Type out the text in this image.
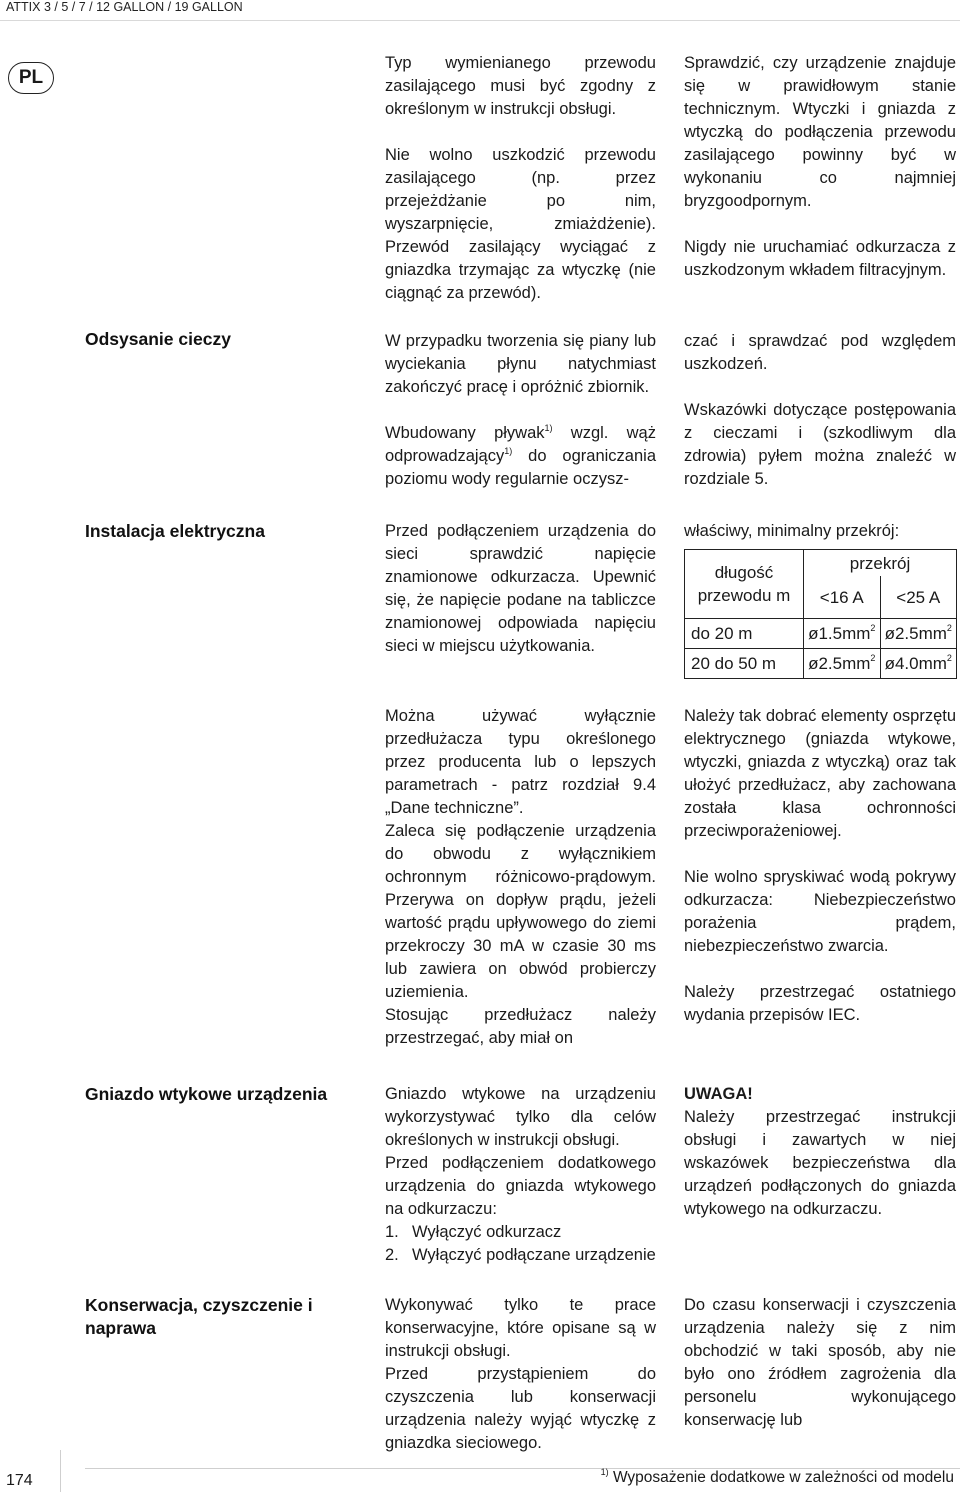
ATTIX 3 / 5 / 7 / 12 GALLON / 19 GALLON
PL
Odsysanie cieczy
Instalacja elektryczna
Gniazdo wtykowe urządzenia
Konserwacja, czyszczenie i naprawa

Typ wymienianego przewodu zasilającego musi być zgodny z określonym w instrukcji obsługi.

Nie wolno uszkodzić przewodu zasilającego (np. przez przejeżdżanie po nim, wyszarpnięcie, zmiażdżenie). Przewód zasilający wyciągać z gniazdka trzymając za wtyczkę (nie ciągnąć za przewód).

W przypadku tworzenia się piany lub wyciekania płynu natychmiast zakończyć pracę i opróżnić zbiornik.

Wbudowany pływak$^{1)}$ wzgl. wąż odprowadzający$^{1)}$ do ograniczania poziomu wody regularnie oczysz-

Przed podłączeniem urządzenia do sieci sprawdzić napięcie znamionowe odkurzacza. Upewnić się, że napięcie podane na tabliczce znamionowej odpowiada napięciu sieci w miejscu użytkowania.

Można używać wyłącznie przedłużacza typu określonego przez producenta lub o lepszych parametrach - patrz rozdział 9.4 „Dane techniczne”.

Zaleca się podłączenie urządzenia do obwodu z wyłącznikiem ochronnym różnicowo-prądowym. Przerywa on dopływ prądu, jeżeli wartość prądu upływowego do ziemi przekroczy 30 mA w czasie 30 ms lub zawiera on obwód probierczy uziemienia.

Stosując przedłużacz należy przestrzegać, aby miał on

Gniazdo wtykowe na urządzeniu wykorzystywać tylko dla celów określonych w instrukcji obsługi.

Przed podłączeniem dodatkowego urządzenia do gniazda wtykowego na odkurzaczu:

1. Wyłączyć odkurzacz
2. Wyłączyć podłączane urządzenie

Wykonywać tylko te prace konserwacyjne, które opisane są w instrukcji obsługi.

Przed przystąpieniem do czyszczenia lub konserwacji urządzenia należy wyjąć wtyczkę z gniazdka sieciowego.

Sprawdzić, czy urządzenie znajduje się w prawidłowym stanie technicznym. Wtyczki i gniazda z wtyczką do podłączenia przewodu zasilającego powinny być w wykonaniu co najmniej bryzgoodpornym.

Nigdy nie uruchamiać odkurzacza z uszkodzonym wkładem filtracyjnym.

czać i sprawdzać pod względem uszkodzeń.

Wskazówki dotyczące postępowania z cieczami i (szkodliwym dla zdrowia) pyłem można znaleźć w rozdziale 5.

właściwy, minimalny przekrój:

długość przewodu m	przekrój	
	<16 A	<25 A
do 20 m	$ø1.5mm^2$	$ø2.5mm^2$
20 do 50 m	$ø2.5mm^2$	$ø4.0mm^2$

Należy tak dobrać elementy osprzętu elektrycznego (gniazda wtykowe, wtyczki, gniazda z wtyczką) oraz tak ułożyć przedłużacz, aby zachowana została klasa ochronności przeciwporażeniowej.

Nie wolno spryskiwać wodą pokrywy odkurzacza: Niebezpieczeństwo porażenia prądem, niebezpieczeństwo zwarcia.

Należy przestrzegać ostatniego wydania przepisów IEC.

UWAGA!

Należy przestrzegać instrukcji obsługi i zawartych w niej wskazówek bezpieczeństwa dla urządzeń podłączonych do gniazda wtykowego na odkurzaczu.

Do czasu konserwacji i czyszczenia urządzenia należy się z nim obchodzić w taki sposób, aby nie było ono źródłem zagrożenia dla personelu wykonującego konserwację lub

174
$^{1)}$ Wyposażenie dodatkowe w zależności od modelu
